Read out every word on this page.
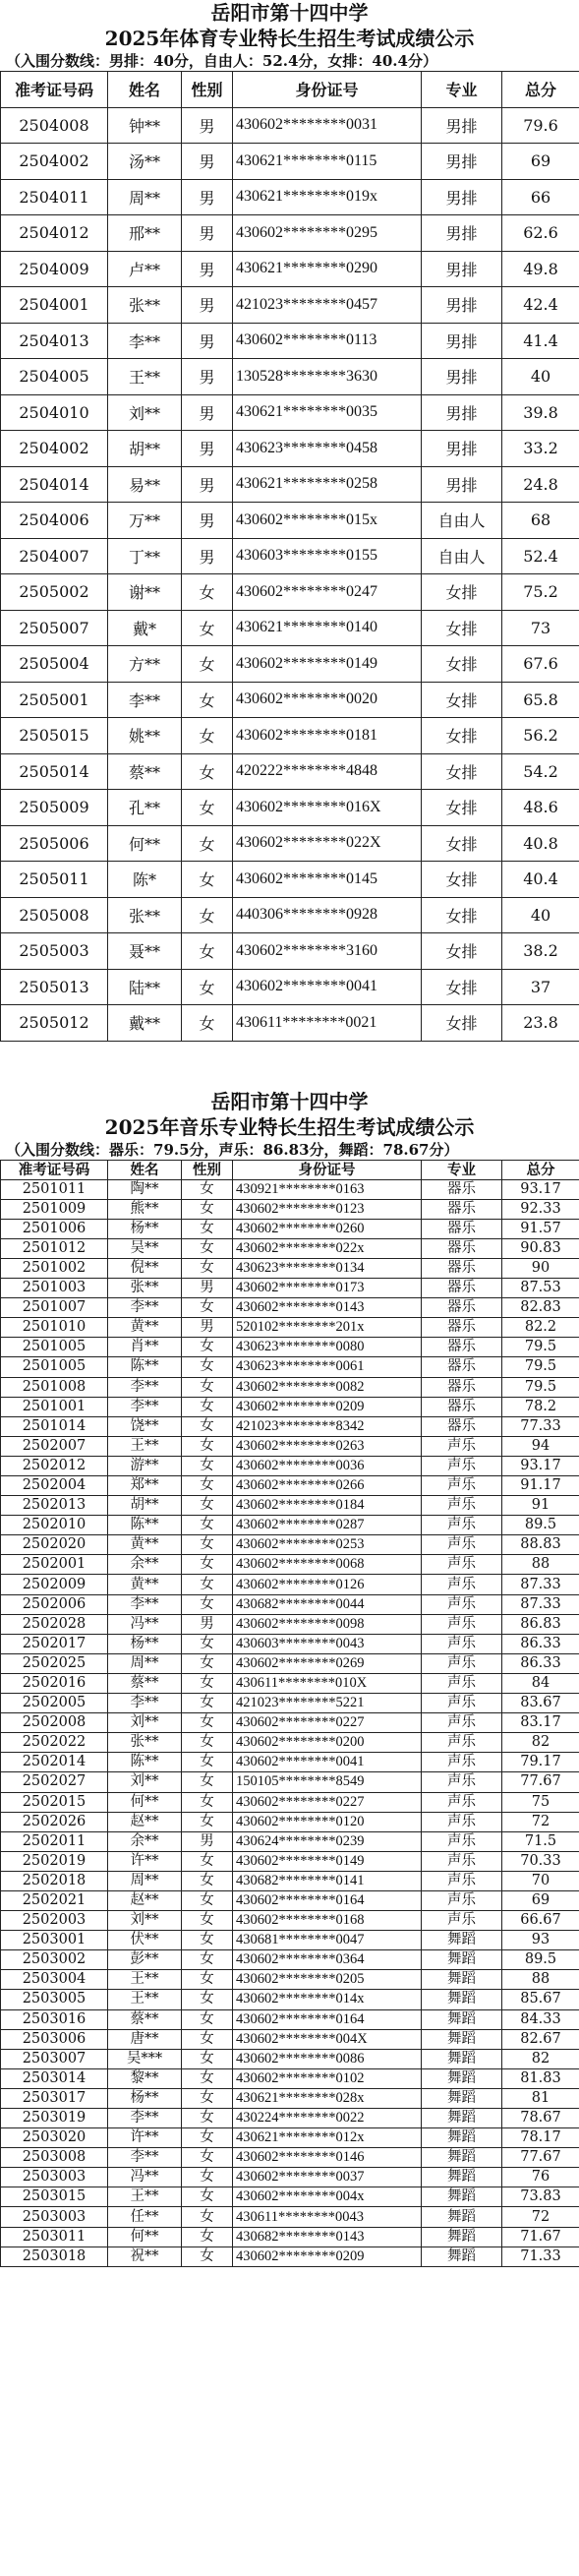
岳阳市第十四中学
2025年体育专业特长生招生考试成绩公示
（入围分数线：男排：40分，自由人：52.4分，女排：40.4分）
准考证号码	姓名	性别	身份证号	专业	总分
2504008	钟**	男	430602********0031	男排	79.6
2504002	汤**	男	430621********0115	男排	69
2504011	周**	男	430621********019x	男排	66
2504012	邢**	男	430602********0295	男排	62.6
2504009	卢**	男	430621********0290	男排	49.8
2504001	张**	男	421023********0457	男排	42.4
2504013	李**	男	430602********0113	男排	41.4
2504005	王**	男	130528********3630	男排	40
2504010	刘**	男	430621********0035	男排	39.8
2504002	胡**	男	430623********0458	男排	33.2
2504014	易**	男	430621********0258	男排	24.8
2504006	万**	男	430602********015x	自由人	68
2504007	丁**	男	430603********0155	自由人	52.4
2505002	谢**	女	430602********0247	女排	75.2
2505007	戴*	女	430621********0140	女排	73
2505004	方**	女	430602********0149	女排	67.6
2505001	李**	女	430602********0020	女排	65.8
2505015	姚**	女	430602********0181	女排	56.2
2505014	蔡**	女	420222********4848	女排	54.2
2505009	孔**	女	430602********016X	女排	48.6
2505006	何**	女	430602********022X	女排	40.8
2505011	陈*	女	430602********0145	女排	40.4
2505008	张**	女	440306********0928	女排	40
2505003	聂**	女	430602********3160	女排	38.2
2505013	陆**	女	430602********0041	女排	37
2505012	戴**	女	430611********0021	女排	23.8
岳阳市第十四中学
2025年音乐专业特长生招生考试成绩公示
（入围分数线：器乐：79.5分，声乐：86.83分，舞蹈：78.67分）
准考证号码	姓名	性别	身份证号	专业	总分
2501011	陶**	女	430921********0163	器乐	93.17
2501009	熊**	女	430602********0123	器乐	92.33
2501006	杨**	女	430602********0260	器乐	91.57
2501012	吴**	女	430602********022x	器乐	90.83
2501002	倪**	女	430623********0134	器乐	90
2501003	张**	男	430602********0173	器乐	87.53
2501007	李**	女	430602********0143	器乐	82.83
2501010	黄**	男	520102********201x	器乐	82.2
2501005	肖**	女	430623********0080	器乐	79.5
2501005	陈**	女	430623********0061	器乐	79.5
2501008	李**	女	430602********0082	器乐	79.5
2501001	李**	女	430602********0209	器乐	78.2
2501014	饶**	女	421023********8342	器乐	77.33
2502007	王**	女	430602********0263	声乐	94
2502012	游**	女	430602********0036	声乐	93.17
2502004	郑**	女	430602********0266	声乐	91.17
2502013	胡**	女	430602********0184	声乐	91
2502010	陈**	女	430602********0287	声乐	89.5
2502020	黄**	女	430602********0253	声乐	88.83
2502001	余**	女	430602********0068	声乐	88
2502009	黄**	女	430602********0126	声乐	87.33
2502006	李**	女	430682********0044	声乐	87.33
2502028	冯**	男	430602********0098	声乐	86.83
2502017	杨**	女	430603********0043	声乐	86.33
2502025	周**	女	430602********0269	声乐	86.33
2502016	蔡**	女	430611********010X	声乐	84
2502005	李**	女	421023********5221	声乐	83.67
2502008	刘**	女	430602********0227	声乐	83.17
2502022	张**	女	430602********0200	声乐	82
2502014	陈**	女	430602********0041	声乐	79.17
2502027	刘**	女	150105********8549	声乐	77.67
2502015	何**	女	430602********0227	声乐	75
2502026	赵**	女	430602********0120	声乐	72
2502011	余**	男	430624********0239	声乐	71.5
2502019	许**	女	430602********0149	声乐	70.33
2502018	周**	女	430682********0141	声乐	70
2502021	赵**	女	430602********0164	声乐	69
2502003	刘**	女	430602********0168	声乐	66.67
2503001	伏**	女	430681********0047	舞蹈	93
2503002	彭**	女	430602********0364	舞蹈	89.5
2503004	王**	女	430602********0205	舞蹈	88
2503005	王**	女	430602********014x	舞蹈	85.67
2503016	蔡**	女	430602********0164	舞蹈	84.33
2503006	唐**	女	430602********004X	舞蹈	82.67
2503007	吴***	女	430602********0086	舞蹈	82
2503014	黎**	女	430602********0102	舞蹈	81.83
2503017	杨**	女	430621********028x	舞蹈	81
2503019	李**	女	430224********0022	舞蹈	78.67
2503020	许**	女	430621********012x	舞蹈	78.17
2503008	李**	女	430602********0146	舞蹈	77.67
2503003	冯**	女	430602********0037	舞蹈	76
2503015	王**	女	430602********004x	舞蹈	73.83
2503003	任**	女	430611********0043	舞蹈	72
2503011	何**	女	430682********0143	舞蹈	71.67
2503018	祝**	女	430602********0209	舞蹈	71.33
